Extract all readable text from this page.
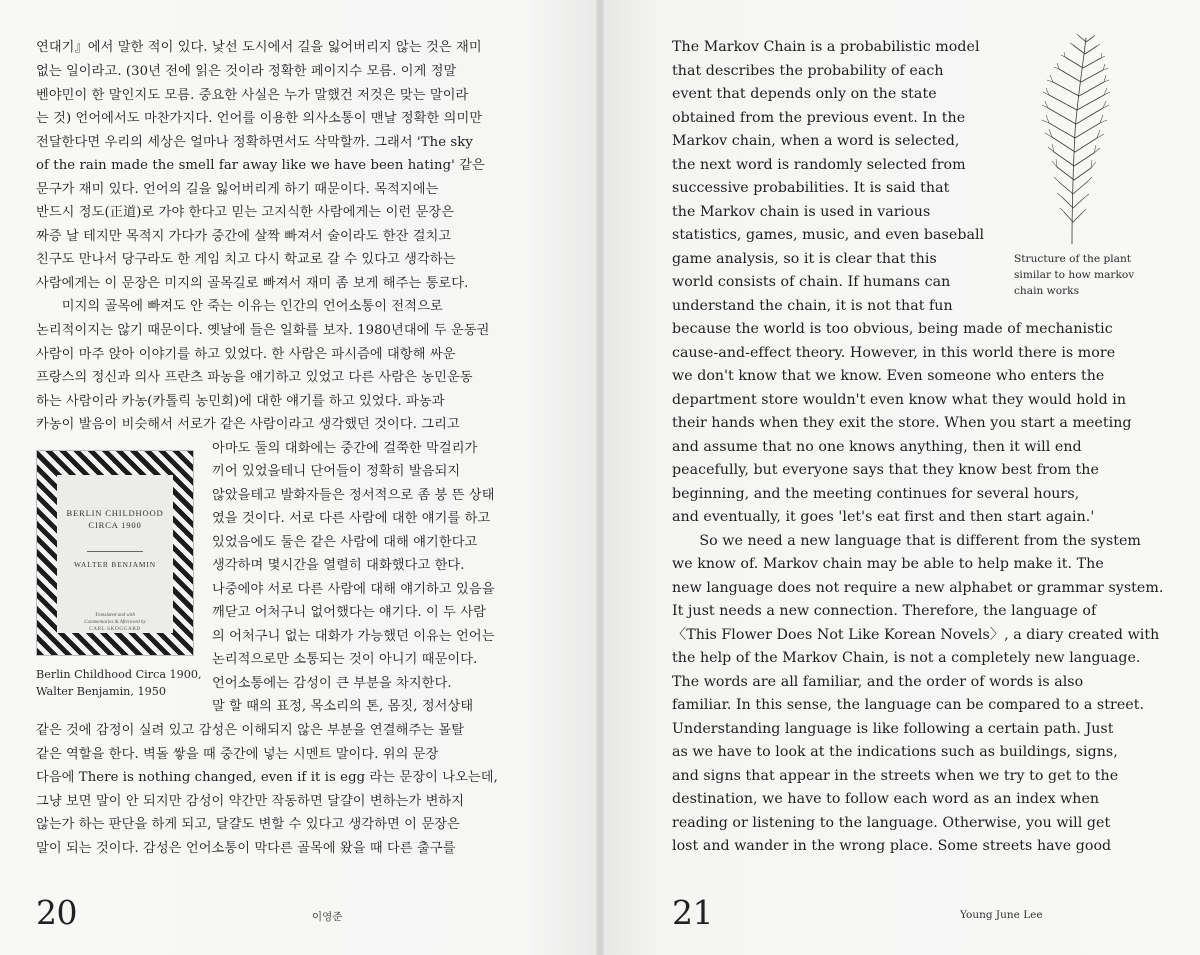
연대기』에서 말한 적이 있다. 낯선 도시에서 길을 잃어버리지 않는 것은 재미

없는 일이라고. (30년 전에 읽은 것이라 정확한 페이지수 모름. 이게 정말

벤야민이 한 말인지도 모름. 중요한 사실은 누가 말했건 저것은 맞는 말이라

는 것) 언어에서도 마찬가지다. 언어를 이용한 의사소통이 맨날 정확한 의미만

전달한다면 우리의 세상은 얼마나 정확하면서도 삭막할까. 그래서 'The sky

of the rain made the smell far away like we have been hating' 같은

문구가 재미 있다. 언어의 길을 잃어버리게 하기 때문이다. 목적지에는

반드시 정도(正道)로 가야 한다고 믿는 고지식한 사람에게는 이런 문장은

짜증 날 테지만 목적지 가다가 중간에 살짝 빠져서 술이라도 한잔 걸치고

친구도 만나서 당구라도 한 게임 치고 다시 학교로 갈 수 있다고 생각하는

사람에게는 이 문장은 미지의 골목길로 빠져서 재미 좀 보게 해주는 통로다.

미지의 골목에 빠져도 안 죽는 이유는 인간의 언어소통이 전적으로

논리적이지는 않기 때문이다. 옛날에 들은 일화를 보자. 1980년대에 두 운동권

사람이 마주 앉아 이야기를 하고 있었다. 한 사람은 파시즘에 대항해 싸운

프랑스의 정신과 의사 프란츠 파농을 얘기하고 있었고 다른 사람은 농민운동

하는 사람이라 카농(카톨릭 농민회)에 대한 얘기를 하고 있었다. 파농과

카농이 발음이 비슷해서 서로가 같은 사람이라고 생각했던 것이다. 그리고

아마도 둘의 대화에는 중간에 걸쭉한 막걸리가

끼어 있었을테니 단어들이 정확히 발음되지

않았을테고 발화자들은 정서적으로 좀 붕 뜬 상태

였을 것이다. 서로 다른 사람에 대한 얘기를 하고

있었음에도 둘은 같은 사람에 대해 얘기한다고

생각하며 몇시간을 열렬히 대화했다고 한다.

나중에야 서로 다른 사람에 대해 얘기하고 있음을

깨닫고 어처구니 없어했다는 얘기다. 이 두 사람

의 어처구니 없는 대화가 가능했던 이유는 언어는

논리적으로만 소통되는 것이 아니기 때문이다.

언어소통에는 감성이 큰 부분을 차지한다.

말 할 때의 표정, 목소리의 톤, 몸짓, 정서상태

같은 것에 감정이 실려 있고 감성은 이해되지 않은 부분을 연결해주는 몰탈

같은 역할을 한다. 벽돌 쌓을 때 중간에 넣는 시멘트 말이다. 위의 문장

다음에 There is nothing changed, even if it is egg 라는 문장이 나오는데,

그냥 보면 말이 안 되지만 감성이 약간만 작동하면 달걀이 변하는가 변하지

않는가 하는 판단을 하게 되고, 달걀도 변할 수 있다고 생각하면 이 문장은

말이 되는 것이다. 감성은 언어소통이 막다른 골목에 왔을 때 다른 출구를

BERLIN CHILDHOOD
CIRCA 1900
WALTER BENJAMIN
Translated and with
Commentaries & Afterword by
CARL SKOGGARD

Berlin Childhood Circa 1900,

Walter Benjamin, 1950

20	이영준

The Markov Chain is a probabilistic model

that describes the probability of each

event that depends only on the state

obtained from the previous event. In the

Markov chain, when a word is selected,

the next word is randomly selected from

successive probabilities. It is said that

the Markov chain is used in various

statistics, games, music, and even baseball

game analysis, so it is clear that this

world consists of chain. If humans can

understand the chain, it is not that fun

because the world is too obvious, being made of mechanistic

cause-and-effect theory. However, in this world there is more

we don't know that we know. Even someone who enters the

department store wouldn't even know what they would hold in

their hands when they exit the store. When you start a meeting

and assume that no one knows anything, then it will end

peacefully, but everyone says that they know best from the

beginning, and the meeting continues for several hours,

and eventually, it goes 'let's eat first and then start again.'

So we need a new language that is different from the system

we know of. Markov chain may be able to help make it. The

new language does not require a new alphabet or grammar system.

It just needs a new connection. Therefore, the language of

〈This Flower Does Not Like Korean Novels〉, a diary created with

the help of the Markov Chain, is not a completely new language.

The words are all familiar, and the order of words is also

familiar. In this sense, the language can be compared to a street.

Understanding language is like following a certain path. Just

as we have to look at the indications such as buildings, signs,

and signs that appear in the streets when we try to get to the

destination, we have to follow each word as an index when

reading or listening to the language. Otherwise, you will get

lost and wander in the wrong place. Some streets have good

Structure of the plant

similar to how markov

chain works

21	Young June Lee
